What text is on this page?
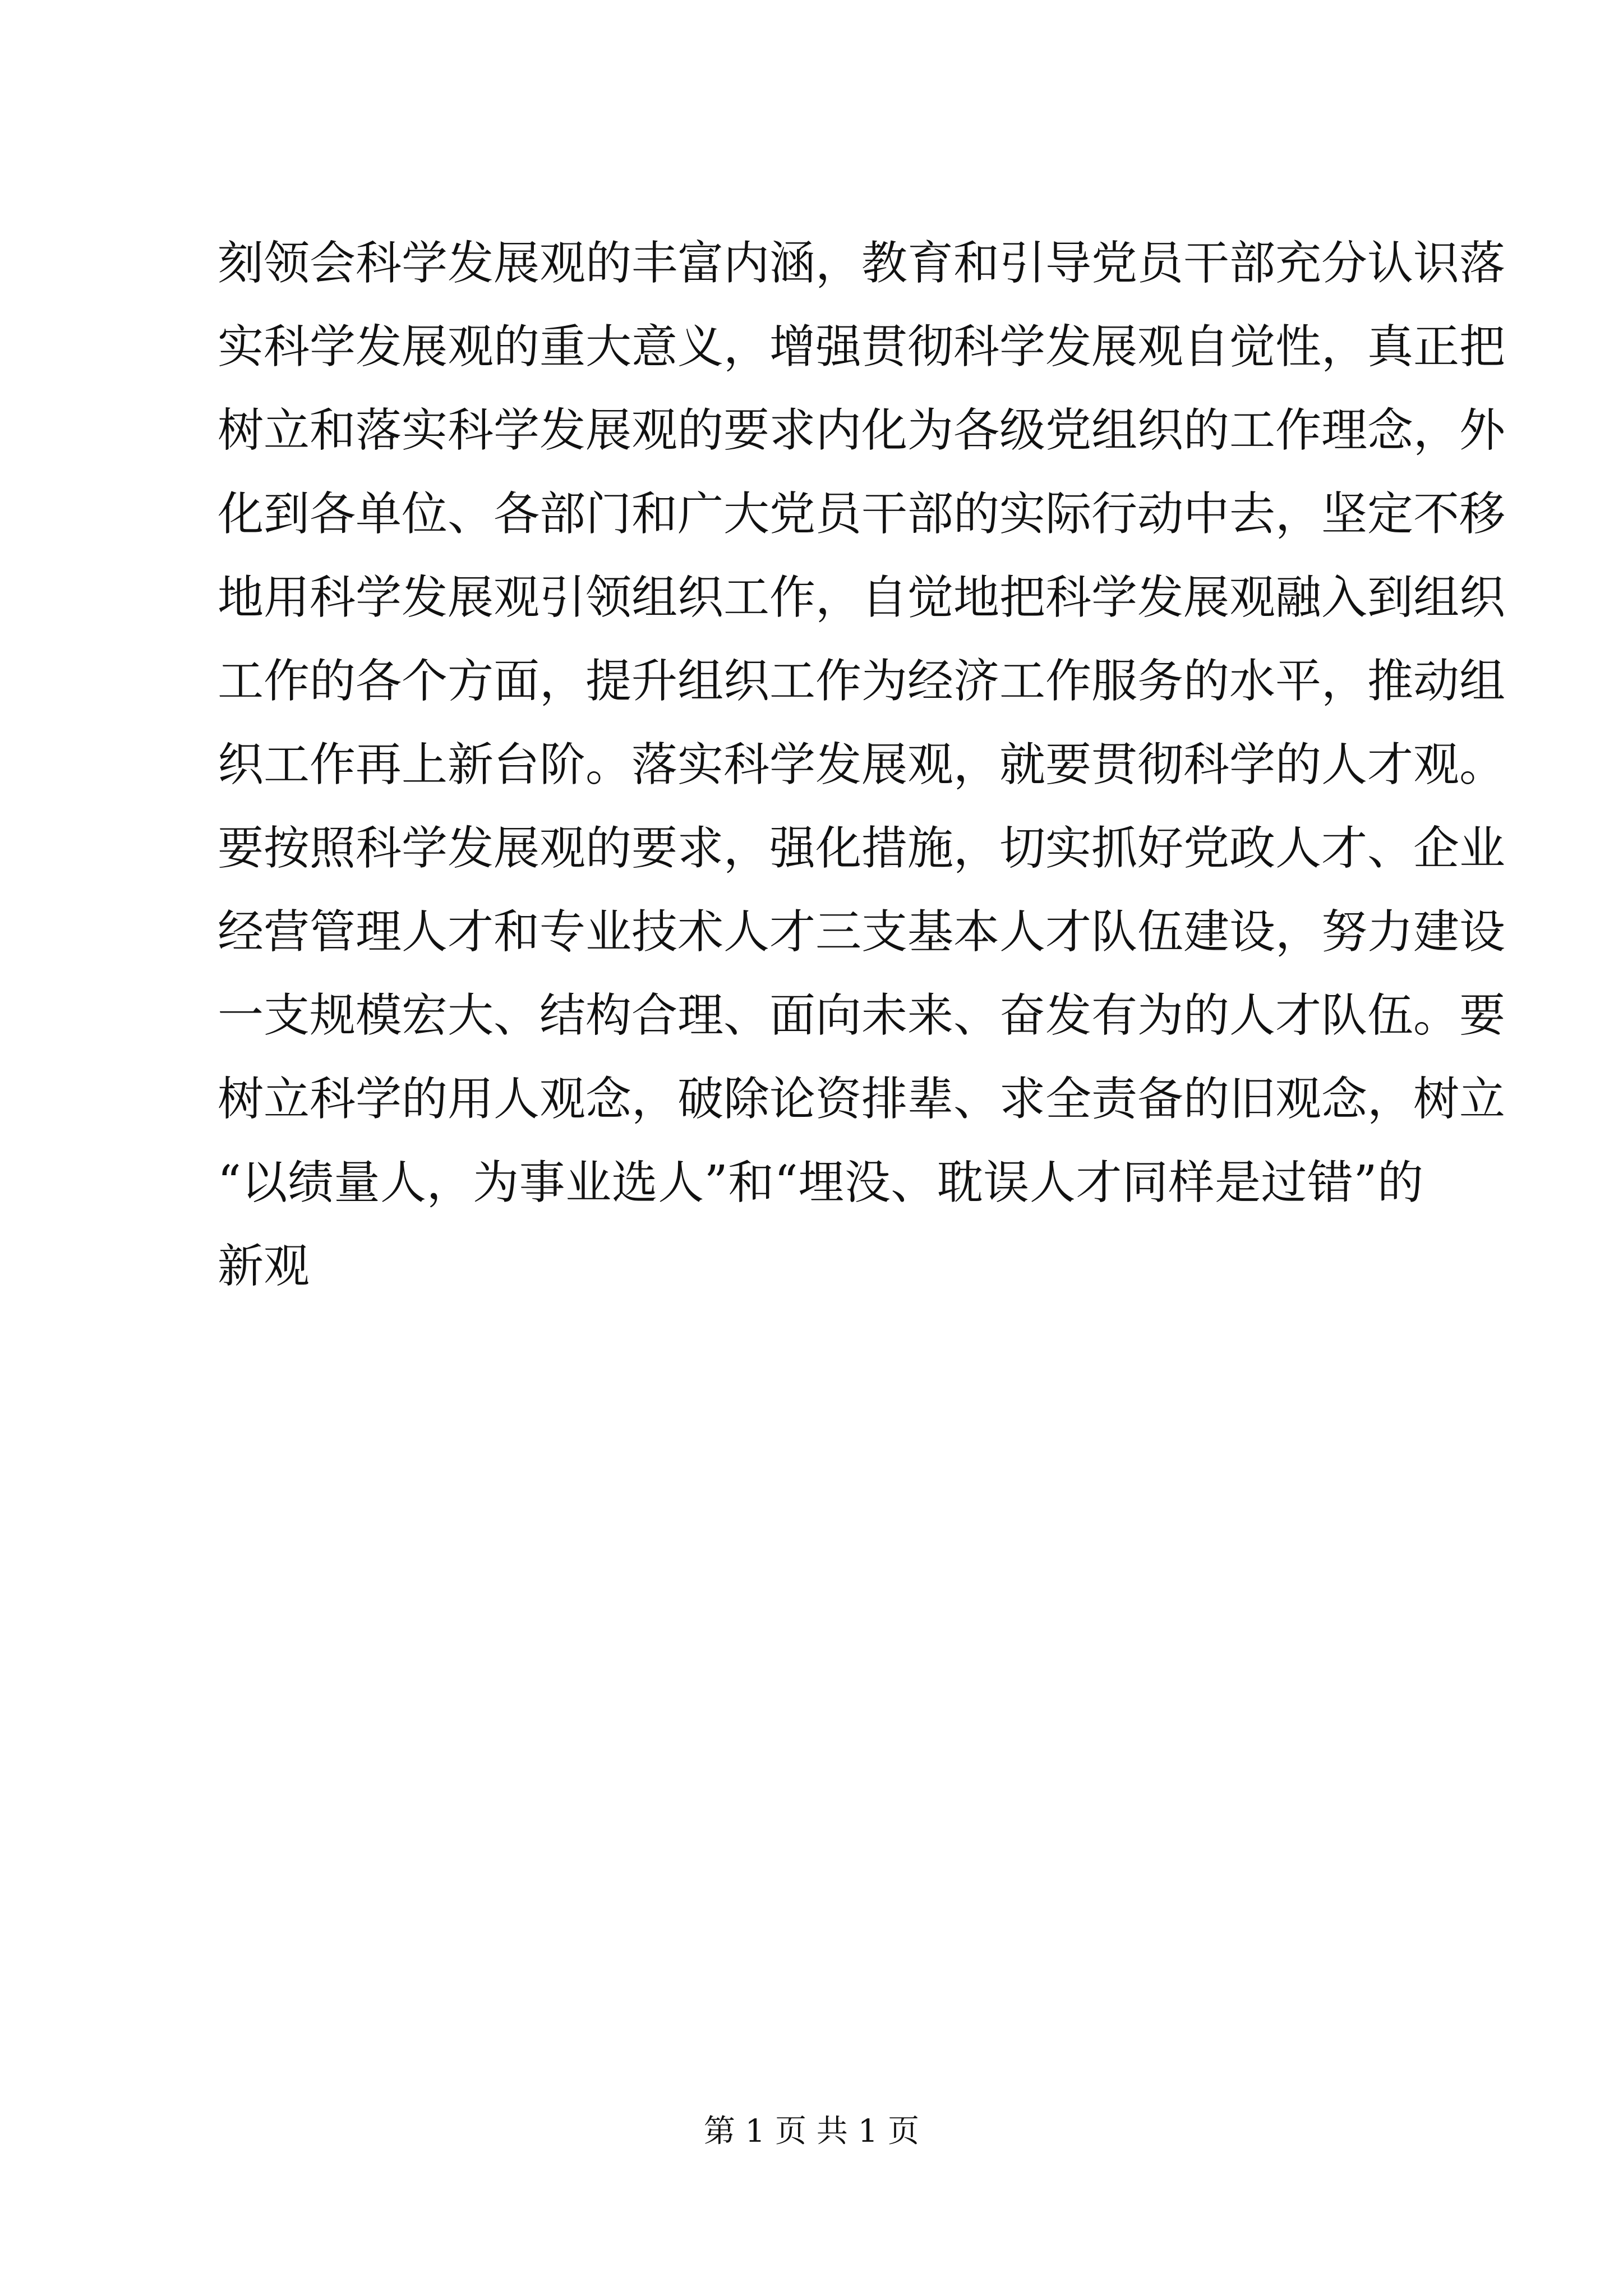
刻领会科学发展观的丰富内涵，教育和引导党员干部充分认识落
实科学发展观的重大意义，增强贯彻科学发展观自觉性，真正把
树立和落实科学发展观的要求内化为各级党组织的工作理念，外
化到各单位、各部门和广大党员干部的实际行动中去，坚定不移
地用科学发展观引领组织工作，自觉地把科学发展观融入到组织
工作的各个方面，提升组织工作为经济工作服务的水平，推动组
织工作再上新台阶。落实科学发展观，就要贯彻科学的人才观。
要按照科学发展观的要求，强化措施，切实抓好党政人才、企业
经营管理人才和专业技术人才三支基本人才队伍建设，努力建设
一支规模宏大、结构合理、面向未来、奋发有为的人才队伍。要
树立科学的用人观念，破除论资排辈、求全责备的旧观念，树立
“以绩量人，为事业选人”和“埋没、耽误人才同样是过错”的
新观
第 1 页 共 1 页
